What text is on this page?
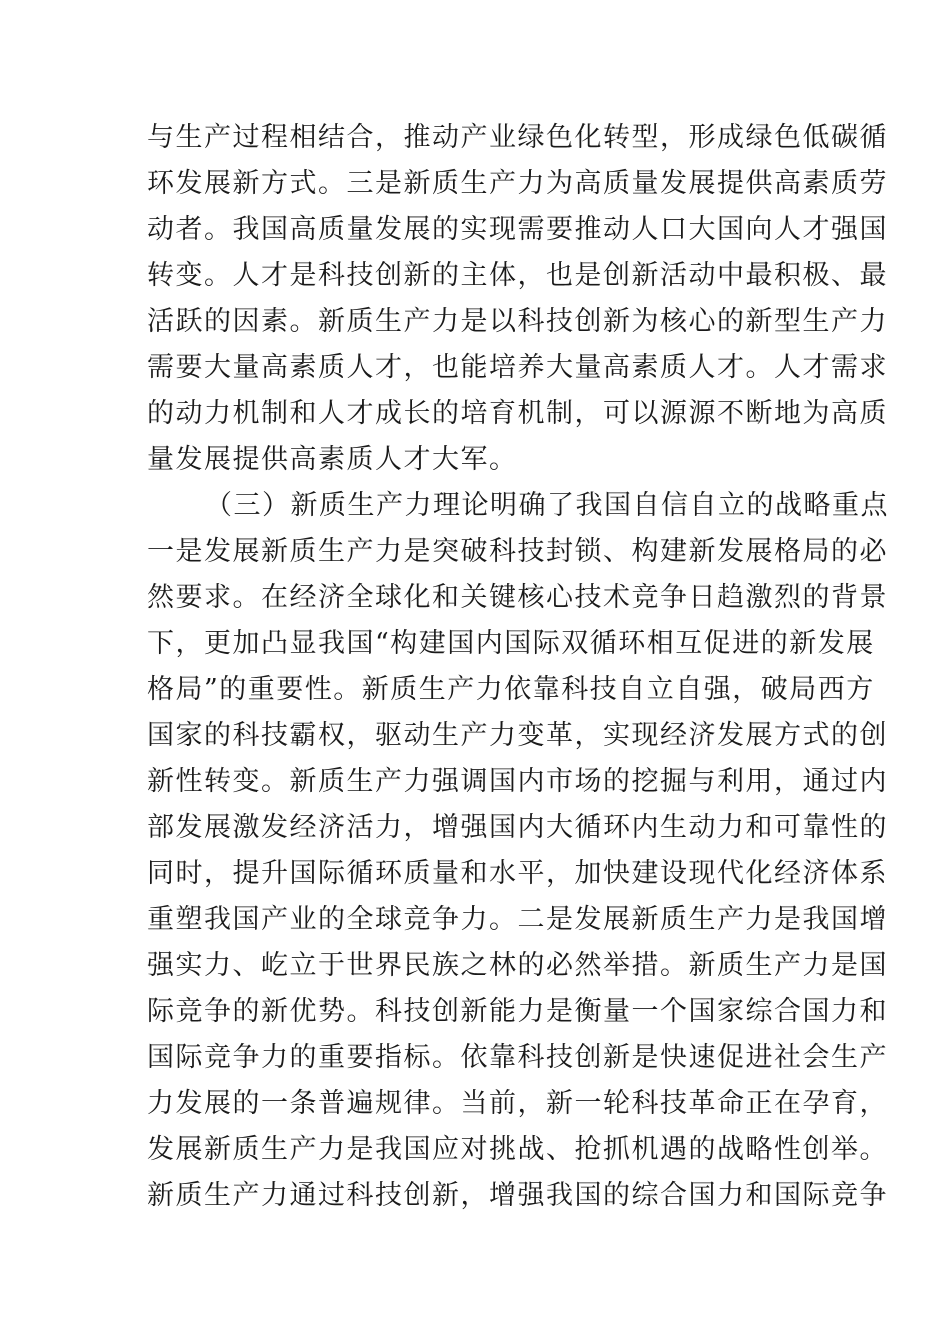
与生产过程相结合，推动产业绿色化转型，形成绿色低碳循
环发展新方式。三是新质生产力为高质量发展提供高素质劳
动者。我国高质量发展的实现需要推动人口大国向人才强国
转变。人才是科技创新的主体，也是创新活动中最积极、最
活跃的因素。新质生产力是以科技创新为核心的新型生产力
需要大量高素质人才，也能培养大量高素质人才。人才需求
的动力机制和人才成长的培育机制，可以源源不断地为高质
量发展提供高素质人才大军。
（三）新质生产力理论明确了我国自信自立的战略重点
一是发展新质生产力是突破科技封锁、构建新发展格局的必
然要求。在经济全球化和关键核心技术竞争日趋激烈的背景
下，更加凸显我国“构建国内国际双循环相互促进的新发展
格局”的重要性。新质生产力依靠科技自立自强，破局西方
国家的科技霸权，驱动生产力变革，实现经济发展方式的创
新性转变。新质生产力强调国内市场的挖掘与利用，通过内
部发展激发经济活力，增强国内大循环内生动力和可靠性的
同时，提升国际循环质量和水平，加快建设现代化经济体系
重塑我国产业的全球竞争力。二是发展新质生产力是我国增
强实力、屹立于世界民族之林的必然举措。新质生产力是国
际竞争的新优势。科技创新能力是衡量一个国家综合国力和
国际竞争力的重要指标。依靠科技创新是快速促进社会生产
力发展的一条普遍规律。当前，新一轮科技革命正在孕育，
发展新质生产力是我国应对挑战、抢抓机遇的战略性创举。
新质生产力通过科技创新，增强我国的综合国力和国际竞争
